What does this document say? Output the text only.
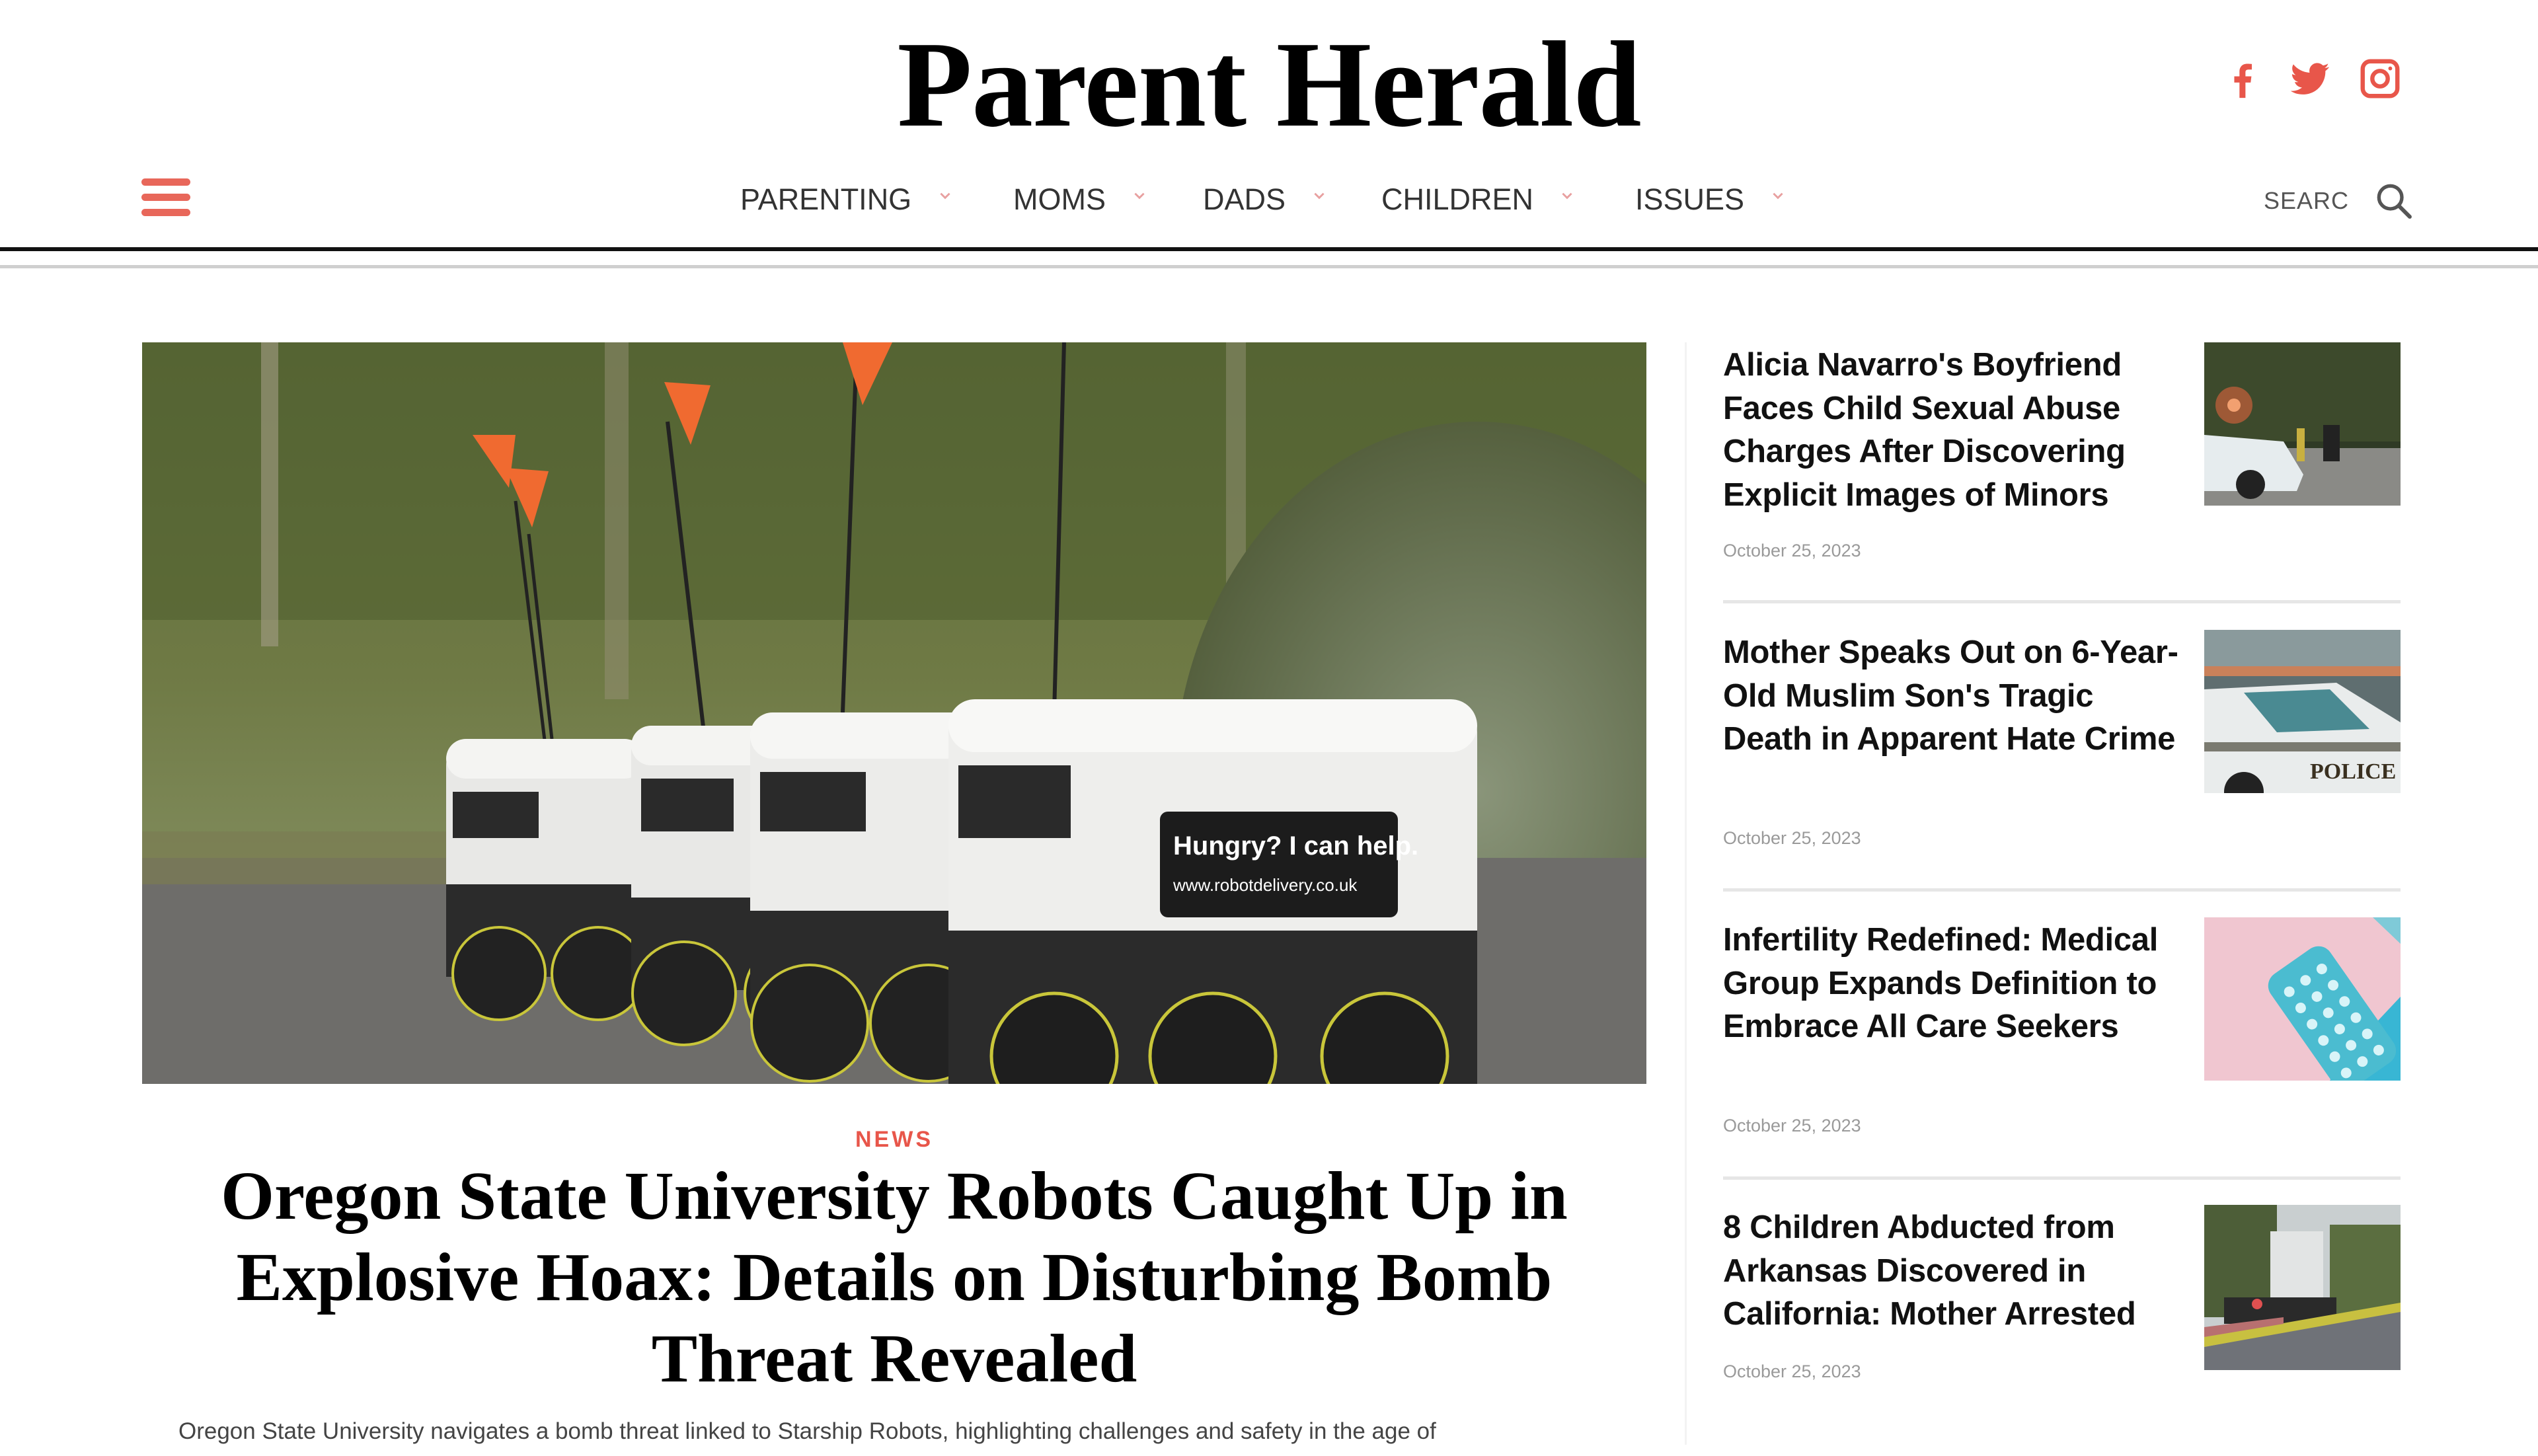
Parent Herald
PARENTING	MOMS	DADS	CHILDREN	ISSUES	SEARC
Hungry? I can help.
www.robotdelivery.co.uk
NEWS
Oregon State University Robots Caught Up in Explosive Hoax: Details on Disturbing Bomb Threat Revealed
Oregon State University navigates a bomb threat linked to Starship Robots, highlighting challenges and safety in the age of
Alicia Navarro's Boyfriend Faces Child Sexual Abuse Charges After Discovering Explicit Images of Minors
October 25, 2023
Mother Speaks Out on 6-Year-Old Muslim Son's Tragic Death in Apparent Hate Crime
October 25, 2023
POLICE
Infertility Redefined: Medical Group Expands Definition to Embrace All Care Seekers
October 25, 2023
8 Children Abducted from Arkansas Discovered in California: Mother Arrested
October 25, 2023
